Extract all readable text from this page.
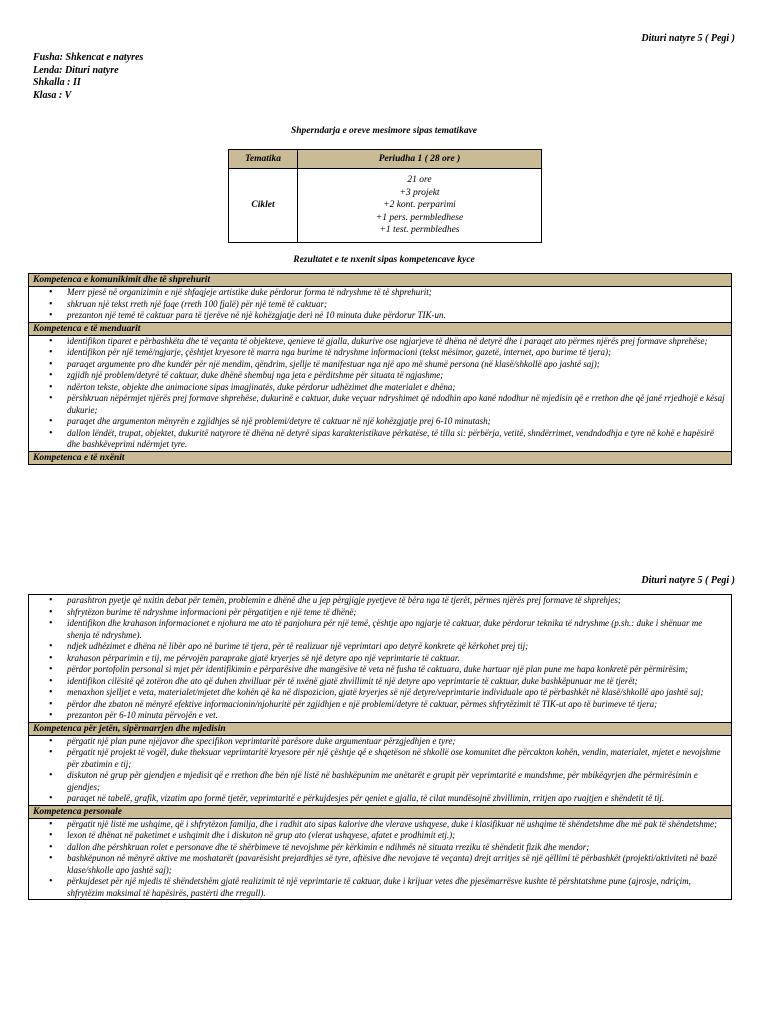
Dituri natyre 5 ( Pegi )
Fusha: Shkencat e natyres
Lenda: Dituri natyre
Shkalla : II
Klasa : V
Shperndarja e oreve mesimore sipas tematikave
Tematika	Periudha 1 ( 28 ore )
Ciklet	21 ore
+3 projekt
+2 kont. perparimi
+1 pers. permbledhese
+1 test. permbledhes
Rezultatet e te nxenit sipas kompetencave kyce
Kompetenca e komunikimit dhe të shprehurit
• Merr pjesë në organizimin e një shfaqjeje artistike duke përdorur forma të ndryshme të të shprehurit;
• shkruan një tekst rreth një faqe (rreth 100 fjalë) për një temë të caktuar;
• prezanton një temë të caktuar para të tjerëve në një kohëzgjatje deri në 10 minuta duke përdorur TIK-un.
Kompetenca e të menduarit
• identifikon tiparet e përbashkëta dhe të veçanta të objekteve, qenieve të gjalla, dukurive ose ngjarjeve të dhëna në detyrë dhe i paraqet ato përmes njërës prej formave shprehëse;
• identifikon për një temë/ngjarje, çështjet kryesore të marra nga burime të ndryshme informacioni (tekst mësimor, gazetë, internet, apo burime të tjera);
• paraqet argumente pro dhe kundër për një mendim, qëndrim, sjellje të manifestuar nga një apo më shumë persona (në klasë/shkollë apo jashtë saj);
• zgjidh një problem/detyrë të caktuar, duke dhënë shembuj nga jeta e përditshme për situata të ngjashme;
• ndërton tekste, objekte dhe animacione sipas imagjinatës, duke përdorur udhëzimet dhe materialet e dhëna;
• përshkruan nëpërmjet njërës prej formave shprehëse, dukurinë e caktuar, duke veçuar ndryshimet që ndodhin apo kanë ndodhur në mjedisin që e rrethon dhe që janë rrjedhojë e kësaj dukurie;
• paraqet dhe argumenton mënyrën e zgjidhjes së një problemi/detyre të caktuar në një kohëzgjatje prej 6-10 minutash;
• dallon lëndët, trupat, objektet, dukuritë natyrore të dhëna në detyrë sipas karakteristikave përkatëse, të tilla si: përbërja, vetitë, shndërrimet, vendndodhja e tyre në kohë e hapësirë dhe bashkëveprimi ndërmjet tyre.
Kompetenca e të nxënit
Dituri natyre 5 ( Pegi )
• parashtron pyetje që nxitin debat për temën, problemin e dhënë dhe u jep përgjigje pyetjeve të bëra nga të tjerët, përmes njërës prej formave të shprehjes;
• shfrytëzon burime të ndryshme informacioni për përgatitjen e një teme të dhënë;
• identifikon dhe krahason informacionet e njohura me ato të panjohura për një temë, çështje apo ngjarje të caktuar, duke përdorur teknika të ndryshme (p.sh.: duke i shënuar me shenja të ndryshme).
• ndjek udhëzimet e dhëna në libër apo në burime të tjera, për të realizuar një veprimtari apo detyrë konkrete që kërkohet prej tij;
• krahason përparimin e tij, me përvojën paraprake gjatë kryerjes së një detyre apo një veprimtarie të caktuar.
• përdor portofolin personal si mjet për identifikimin e përparësive dhe mangësive të veta në fusha të caktuara, duke hartuar një plan pune me hapa konkretë për përmirësim;
• identifikon cilësitë që zotëron dhe ato që duhen zhvilluar për të nxënë gjatë zhvillimit të një detyre apo veprimtarie të caktuar, duke bashkëpunuar me të tjerët;
• menaxhon sjelljet e veta, materialet/mjetet dhe kohën që ka në dispozicion, gjatë kryerjes së një detyre/veprimtarie individuale apo të përbashkët në klasë/shkollë apo jashtë saj;
• përdor dhe zbaton në mënyrë efektive informacionin/njohuritë për zgjidhjen e një problemi/detyre të caktuar, përmes shfrytëzimit të TIK-ut apo të burimeve të tjera;
• prezanton për 6-10 minuta përvojën e vet.
Kompetenca për jetën, sipërmarrjen dhe mjedisin
• përgatit një plan pune njëjavor dhe specifikon veprimtaritë parësore duke argumentuar përzgjedhjen e tyre;
• përgatit një projekt të vogël, duke theksuar veprimtaritë kryesore për një çështje që e shqetëson në shkollë ose komunitet dhe përcakton kohën, vendin, materialet, mjetet e nevojshme për zbatimin e tij;
• diskuton në grup për gjendjen e mjedisit që e rrethon dhe bën një listë në bashkëpunim me anëtarët e grupit për veprimtaritë e mundshme, për mbikëqyrjen dhe përmirësimin e gjendjes;
• paraqet në tabelë, grafik, vizatim apo formë tjetër, veprimtaritë e përkujdesjes për qeniet e gjalla, të cilat mundësojnë zhvillimin, rritjen apo ruajtjen e shëndetit të tij.
Kompetenca personale
• përgatit një listë me ushqime, që i shfrytëzon familja, dhe i radhit ato sipas kalorive dhe vlerave ushqyese, duke i klasifikuar në ushqime të shëndetshme dhe më pak të shëndetshme;
• lexon të dhënat në paketimet e ushqimit dhe i diskuton në grup ato (vlerat ushqyese, afatet e prodhimit etj.);
• dallon dhe përshkruan rolet e personave dhe të shërbimeve të nevojshme për kërkimin e ndihmës në situata rreziku të shëndetit fizik dhe mendor;
• bashkëpunon në mënyrë aktive me moshatarët (pavarësisht prejardhjes së tyre, aftësive dhe nevojave të veçanta) drejt arritjes së një qëllimi të përbashkët (projekti/aktiviteti në bazë klase/shkolle apo jashtë saj);
• përkujdeset për një mjedis të shëndetshëm gjatë realizimit të një veprimtarie të caktuar, duke i krijuar vetes dhe pjesëmarrësve kushte të përshtatshme pune (ajrosje, ndriçim, shfrytëzim maksimal të hapësirës, pastërti dhe rregull).
